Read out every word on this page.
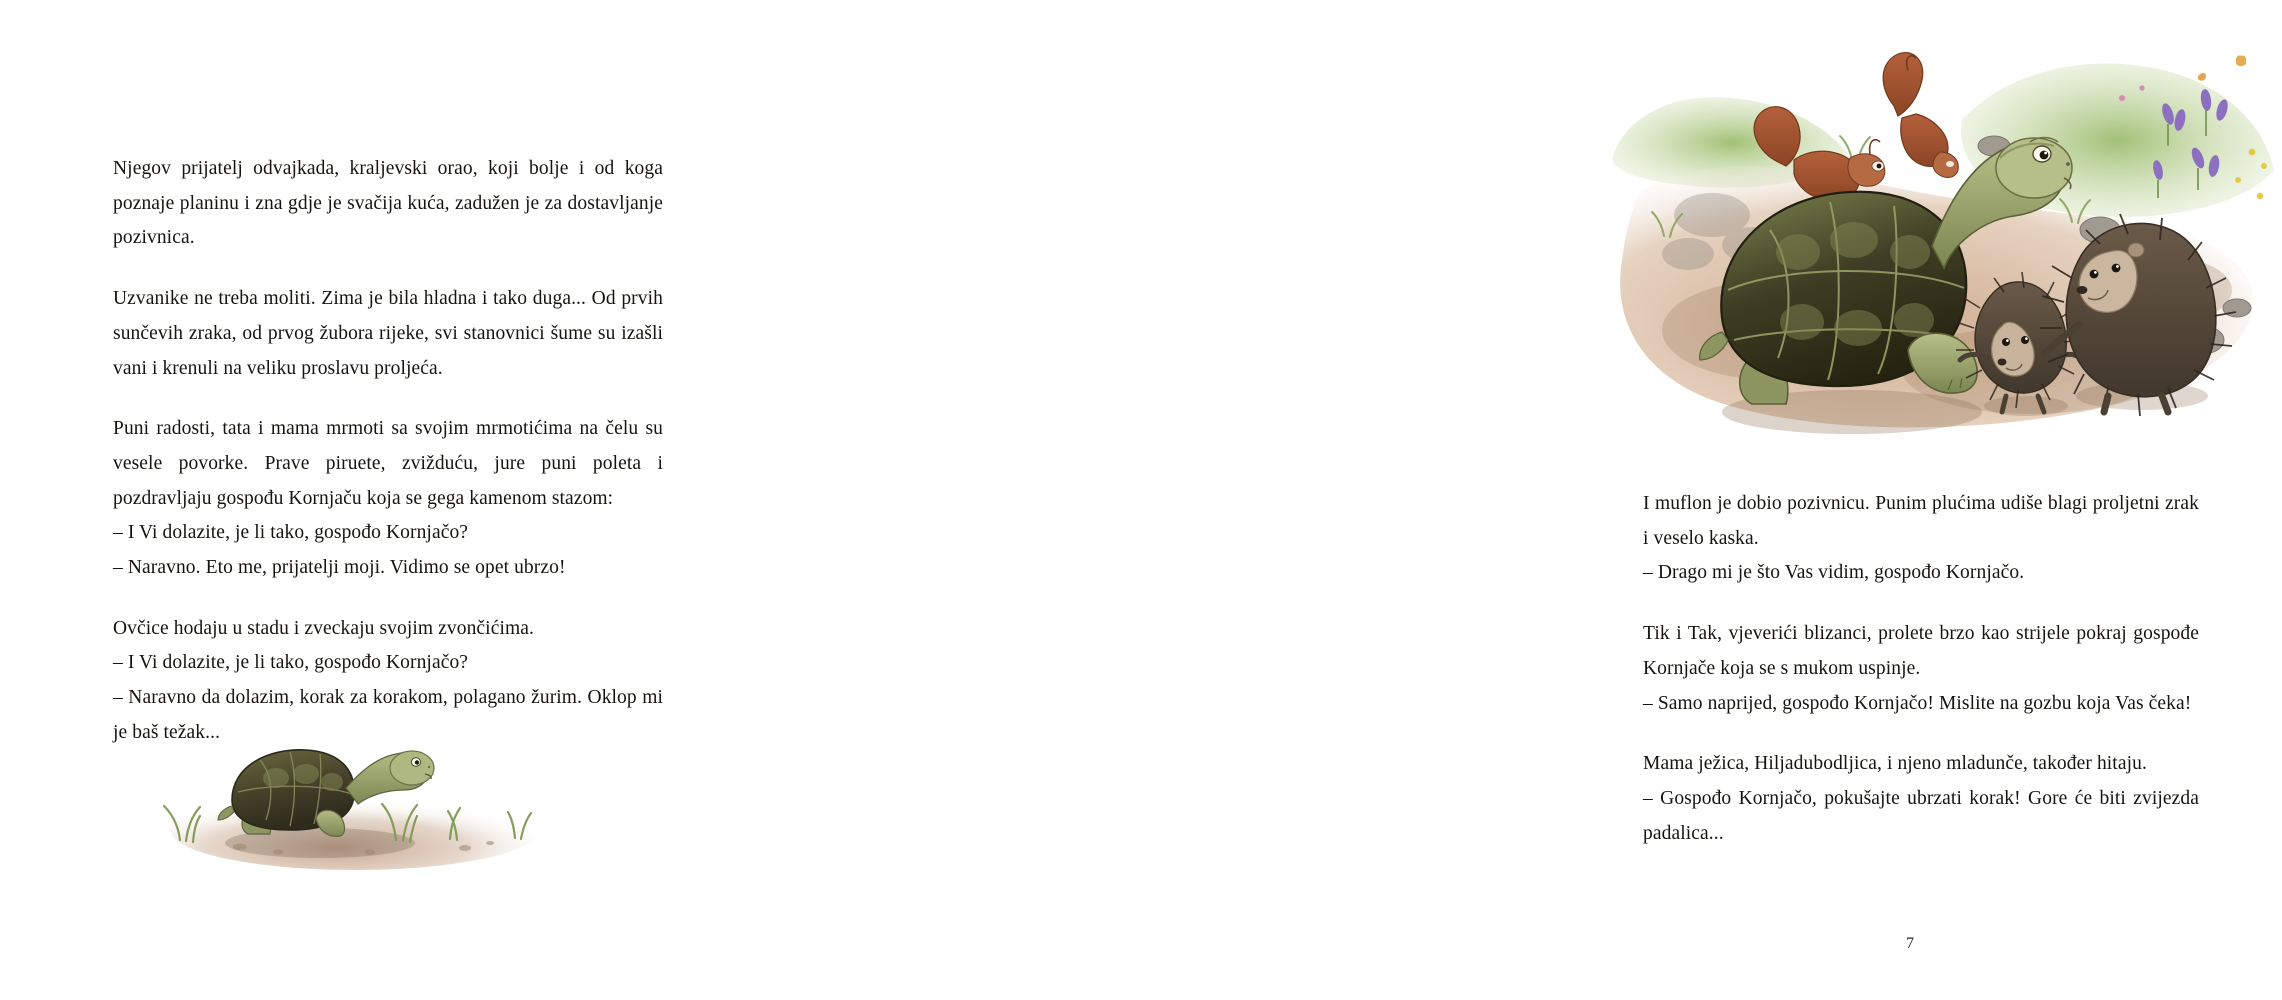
Njegov prijatelj odvajkada, kraljevski orao, koji bolje i od koga poznaje planinu i zna gdje je svačija kuća, zadužen je za dostavljanje pozivnica.

Uzvanike ne treba moliti. Zima je bila hladna i tako duga... Od prvih sunčevih zraka, od prvog žubora rijeke, svi stanovnici šume su izašli vani i krenuli na veliku proslavu proljeća.

Puni radosti, tata i mama mrmoti sa svojim mrmotićima na čelu su vesele povorke. Prave piruete, zvižduću, jure puni poleta i pozdravljaju gospođu Kornjaču koja se gega kamenom stazom:

– I Vi dolazite, je li tako, gospođo Kornjačo?

– Naravno. Eto me, prijatelji moji. Vidimo se opet ubrzo!

Ovčice hodaju u stadu i zveckaju svojim zvončićima.

– I Vi dolazite, je li tako, gospođo Kornjačo?

– Naravno da dolazim, korak za korakom, polagano žurim. Oklop mi je baš težak...

I muflon je dobio pozivnicu. Punim plućima udiše blagi proljetni zrak i veselo kaska.

– Drago mi je što Vas vidim, gospođo Kornjačo.

Tik i Tak, vjeverići blizanci, prolete brzo kao strijele pokraj gospođe Kornjače koja se s mukom uspinje.

– Samo naprijed, gospođo Kornjačo! Mislite na gozbu koja Vas čeka!

Mama ježica, Hiljadubodljica, i njeno mladunče, također hitaju.

– Gospođo Kornjačo, pokušajte ubrzati korak! Gore će biti zvijezda padalica...

7
